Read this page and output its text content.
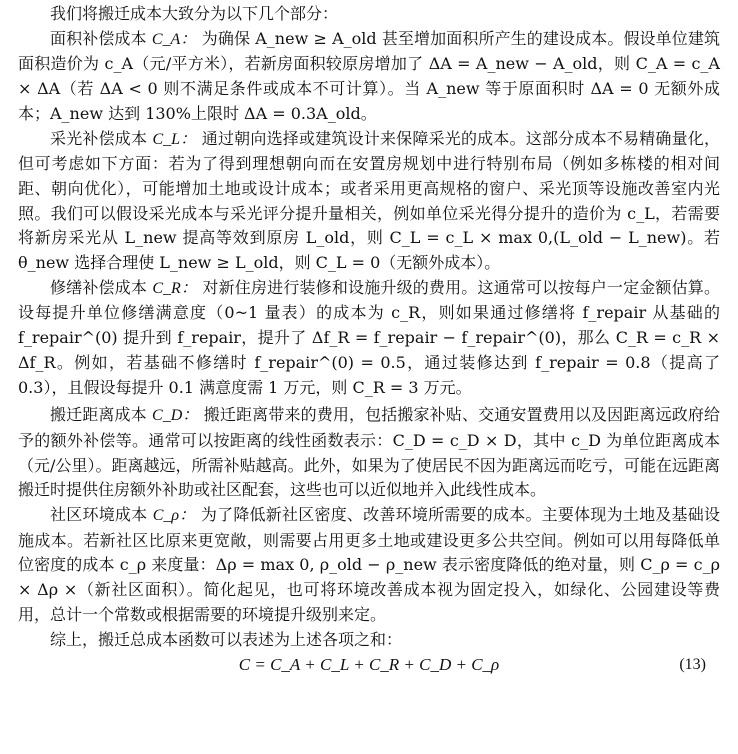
我们将搬迁成本大致分为以下几个部分：

面积补偿成本 C_A： 为确保 A_new ≥ A_old 甚至增加面积所产生的建设成本。假设单位建筑面积造价为 c_A（元/平方米），若新房面积较原房增加了 ΔA = A_new − A_old，则 C_A = c_A × ΔA（若 ΔA < 0 则不满足条件或成本不可计算）。当 A_new 等于原面积时 ΔA = 0 无额外成本；A_new 达到 130%上限时 ΔA = 0.3A_old。

采光补偿成本 C_L： 通过朝向选择或建筑设计来保障采光的成本。这部分成本不易精确量化，但可考虑如下方面：若为了得到理想朝向而在安置房规划中进行特别布局（例如多栋楼的相对间距、朝向优化），可能增加土地或设计成本；或者采用更高规格的窗户、采光顶等设施改善室内光照。我们可以假设采光成本与采光评分提升量相关，例如单位采光得分提升的造价为 c_L，若需要将新房采光从 L_new 提高等效到原房 L_old，则 C_L = c_L × max 0,(L_old − L_new)。若 θ_new 选择合理使 L_new ≥ L_old，则 C_L = 0（无额外成本）。

修缮补偿成本 C_R： 对新住房进行装修和设施升级的费用。这通常可以按每户一定金额估算。设每提升单位修缮满意度（0~1 量表）的成本为 c_R，则如果通过修缮将 f_repair 从基础的 f_repair^(0) 提升到 f_repair，提升了 Δf_R = f_repair − f_repair^(0)，那么 C_R = c_R × Δf_R。例如，若基础不修缮时 f_repair^(0) = 0.5，通过装修达到 f_repair = 0.8（提高了 0.3），且假设每提升 0.1 满意度需 1 万元，则 C_R = 3 万元。

搬迁距离成本 C_D： 搬迁距离带来的费用，包括搬家补贴、交通安置费用以及因距离远政府给予的额外补偿等。通常可以按距离的线性函数表示：C_D = c_D × D，其中 c_D 为单位距离成本（元/公里）。距离越远，所需补贴越高。此外，如果为了使居民不因为距离远而吃亏，可能在远距离搬迁时提供住房额外补助或社区配套，这些也可以近似地并入此线性成本。

社区环境成本 C_ρ： 为了降低新社区密度、改善环境所需要的成本。主要体现为土地及基础设施成本。若新社区比原来更宽敞，则需要占用更多土地或建设更多公共空间。例如可以用每降低单位密度的成本 c_ρ 来度量：Δρ = max 0, ρ_old − ρ_new 表示密度降低的绝对量，则 C_ρ = c_ρ × Δρ ×（新社区面积）。简化起见，也可将环境改善成本视为固定投入，如绿化、公园建设等费用，总计一个常数或根据需要的环境提升级别来定。

综上，搬迁总成本函数可以表述为上述各项之和：

C = C_A + C_L + C_R + C_D + C_ρ	(13)
